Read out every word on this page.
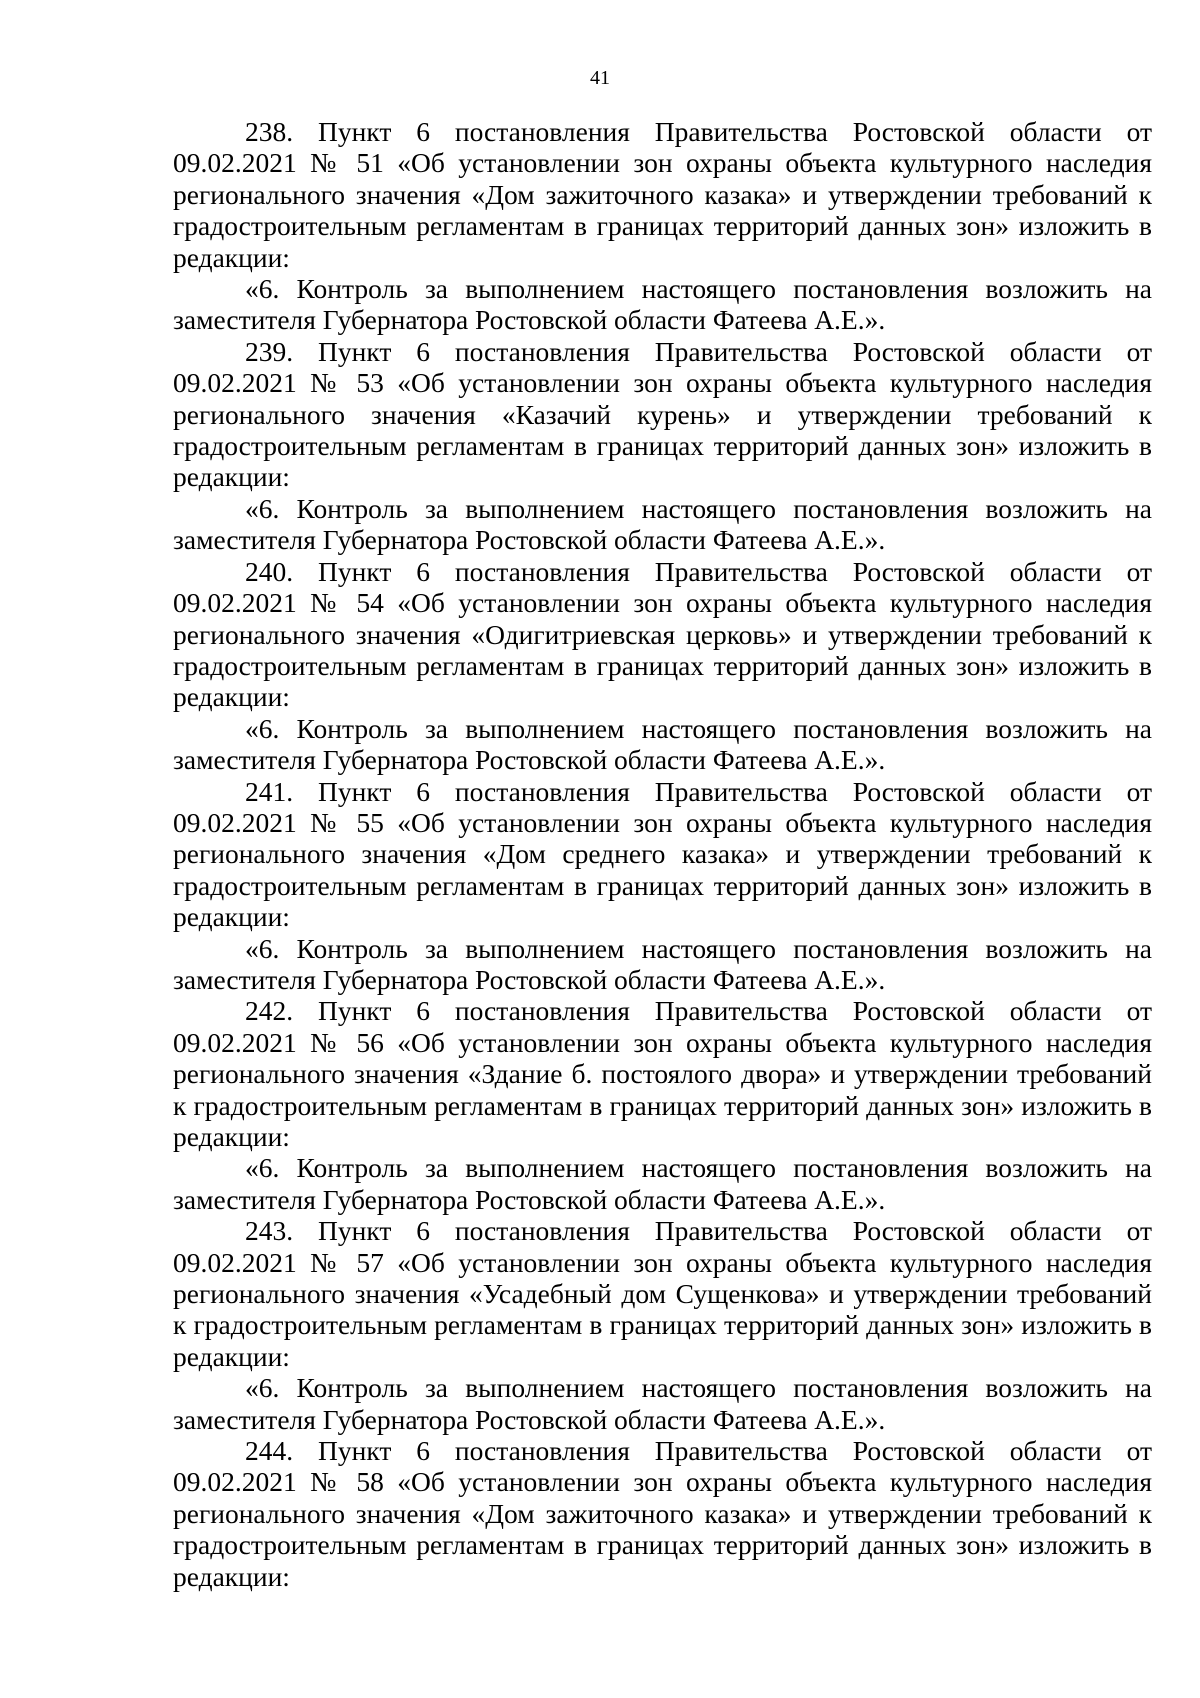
41

238. Пункт 6 постановления Правительства Ростовской области от 09.02.2021 № 51 «Об установлении зон охраны объекта культурного наследия регионального значения «Дом зажиточного казака» и утверждении требований к градостроительным регламентам в границах территорий данных зон» изложить в редакции:

«6. Контроль за выполнением настоящего постановления возложить на заместителя Губернатора Ростовской области Фатеева А.Е.».

239. Пункт 6 постановления Правительства Ростовской области от 09.02.2021 № 53 «Об установлении зон охраны объекта культурного наследия регионального значения «Казачий курень» и утверждении требований к градостроительным регламентам в границах территорий данных зон» изложить в редакции:

«6. Контроль за выполнением настоящего постановления возложить на заместителя Губернатора Ростовской области Фатеева А.Е.».

240. Пункт 6 постановления Правительства Ростовской области от 09.02.2021 № 54 «Об установлении зон охраны объекта культурного наследия регионального значения «Одигитриевская церковь» и утверждении требований к градостроительным регламентам в границах территорий данных зон» изложить в редакции:

«6. Контроль за выполнением настоящего постановления возложить на заместителя Губернатора Ростовской области Фатеева А.Е.».

241. Пункт 6 постановления Правительства Ростовской области от 09.02.2021 № 55 «Об установлении зон охраны объекта культурного наследия регионального значения «Дом среднего казака» и утверждении требований к градостроительным регламентам в границах территорий данных зон» изложить в редакции:

«6. Контроль за выполнением настоящего постановления возложить на заместителя Губернатора Ростовской области Фатеева А.Е.».

242. Пункт 6 постановления Правительства Ростовской области от 09.02.2021 № 56 «Об установлении зон охраны объекта культурного наследия регионального значения «Здание б. постоялого двора» и утверждении требований к градостроительным регламентам в границах территорий данных зон» изложить в редакции:

«6. Контроль за выполнением настоящего постановления возложить на заместителя Губернатора Ростовской области Фатеева А.Е.».

243. Пункт 6 постановления Правительства Ростовской области от 09.02.2021 № 57 «Об установлении зон охраны объекта культурного наследия регионального значения «Усадебный дом Сущенкова» и утверждении требований к градостроительным регламентам в границах территорий данных зон» изложить в редакции:

«6. Контроль за выполнением настоящего постановления возложить на заместителя Губернатора Ростовской области Фатеева А.Е.».

244. Пункт 6 постановления Правительства Ростовской области от 09.02.2021 № 58 «Об установлении зон охраны объекта культурного наследия регионального значения «Дом зажиточного казака» и утверждении требований к градостроительным регламентам в границах территорий данных зон» изложить в редакции:
